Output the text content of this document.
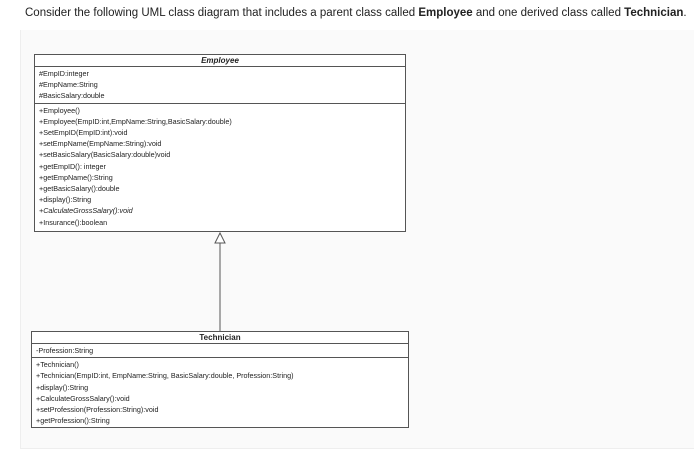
Consider the following UML class diagram that includes a parent class called Employee and one derived class called Technician.
Employee
#EmpID:integer
#EmpName:String
#BasicSalary:double
+Employee()
+Employee(EmpID:int,EmpName:String,BasicSalary:double)
+SetEmpID(EmpID:int):void
+setEmpName(EmpName:String):void
+setBasicSalary(BasicSalary:double)void
+getEmpID(): integer
+getEmpName():String
+getBasicSalary():double
+display():String
+CalculateGrossSalary():void
+Insurance():boolean
Technician
-Profession:String
+Technician()
+Technician(EmpID:int, EmpName:String, BasicSalary:double, Profession:String)
+display():String
+CalculateGrossSalary():void
+setProfession(Profession:String):void
+getProfession():String
